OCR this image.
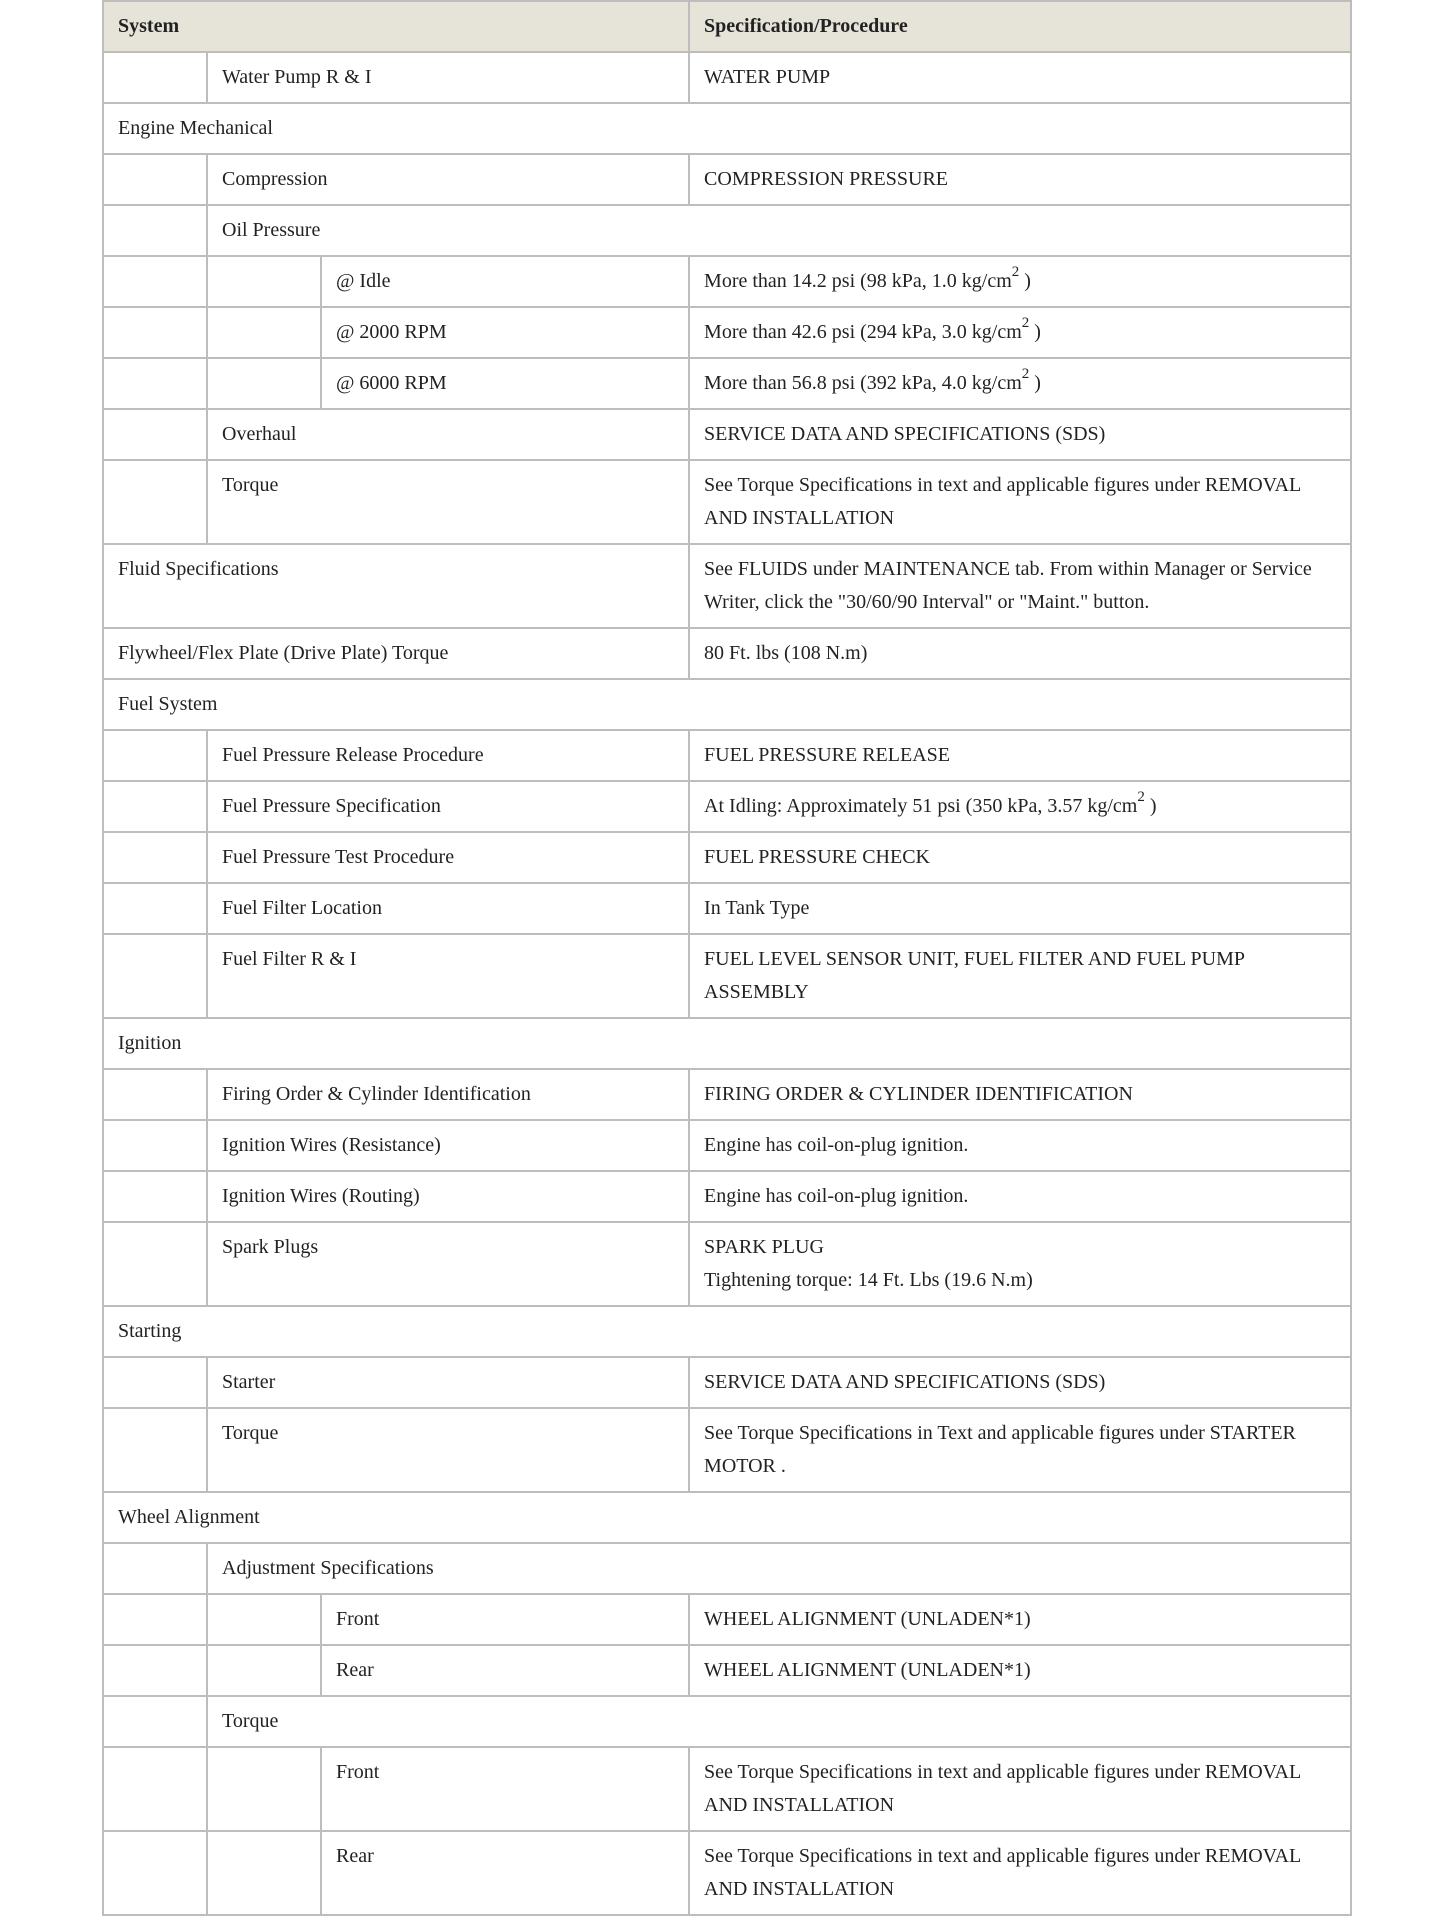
System			Specification/Procedure
	Water Pump R & I		WATER PUMP
Engine Mechanical			
	Compression		COMPRESSION PRESSURE
	Oil Pressure		
		@ Idle	More than 14.2 psi (98 kPa, 1.0 $kg/cm^2$ )
		@ 2000 RPM	More than 42.6 psi (294 kPa, 3.0 $kg/cm^2$ )
		@ 6000 RPM	More than 56.8 psi (392 kPa, 4.0 $kg/cm^2$ )
	Overhaul		SERVICE DATA AND SPECIFICATIONS (SDS)
	Torque		See Torque Specifications in text and applicable figures under REMOVAL AND INSTALLATION
Fluid Specifications			See FLUIDS under MAINTENANCE tab. From within Manager or Service Writer, click the "30/60/90 Interval" or "Maint." button.
Flywheel/Flex Plate (Drive Plate) Torque			80 Ft. lbs (108 N.m)
Fuel System			
	Fuel Pressure Release Procedure		FUEL PRESSURE RELEASE
	Fuel Pressure Specification		At Idling: Approximately 51 psi (350 kPa, 3.57 $kg/cm^2$ )
	Fuel Pressure Test Procedure		FUEL PRESSURE CHECK
	Fuel Filter Location		In Tank Type
	Fuel Filter R & I		FUEL LEVEL SENSOR UNIT, FUEL FILTER AND FUEL PUMP ASSEMBLY
Ignition			
	Firing Order & Cylinder Identification		FIRING ORDER & CYLINDER IDENTIFICATION
	Ignition Wires (Resistance)		Engine has coil-on-plug ignition.
	Ignition Wires (Routing)		Engine has coil-on-plug ignition.
	Spark Plugs		SPARK PLUG
Tightening torque: 14 Ft. Lbs (19.6 N.m)
Starting			
	Starter		SERVICE DATA AND SPECIFICATIONS (SDS)
	Torque		See Torque Specifications in Text and applicable figures under STARTER MOTOR .
Wheel Alignment			
	Adjustment Specifications		
		Front	WHEEL ALIGNMENT (UNLADEN*1)
		Rear	WHEEL ALIGNMENT (UNLADEN*1)
	Torque		
		Front	See Torque Specifications in text and applicable figures under REMOVAL AND INSTALLATION
		Rear	See Torque Specifications in text and applicable figures under REMOVAL AND INSTALLATION
